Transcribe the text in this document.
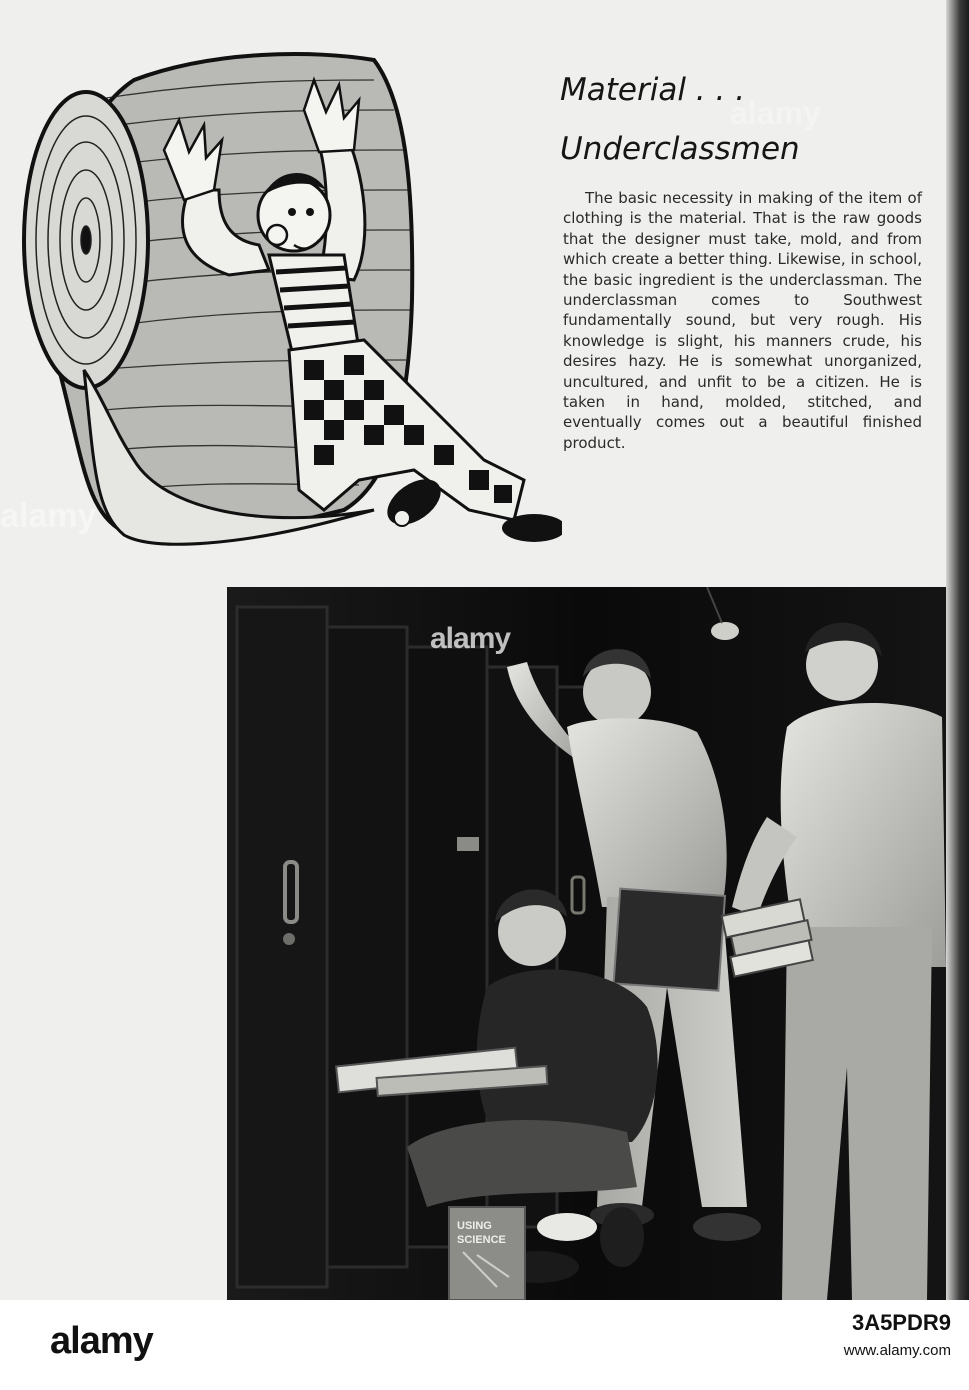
Material . . .
Underclassmen

The basic necessity in making of the item of clothing is the material. That is the raw goods that the designer must take, mold, and from which create a better thing. Likewise, in school, the basic ingredient is the underclassman. The underclassman comes to Southwest fundamentally sound, but very rough. His knowledge is slight, his manners crude, his desires hazy. He is somewhat unorganized, uncultured, and unfit to be a citizen. He is taken in hand, molded, stitched, and eventually comes out a beautiful finished product.

USING
SCIENCE
alamy
alamy
alamy

alamy	3A5PDR9

www.alamy.com
